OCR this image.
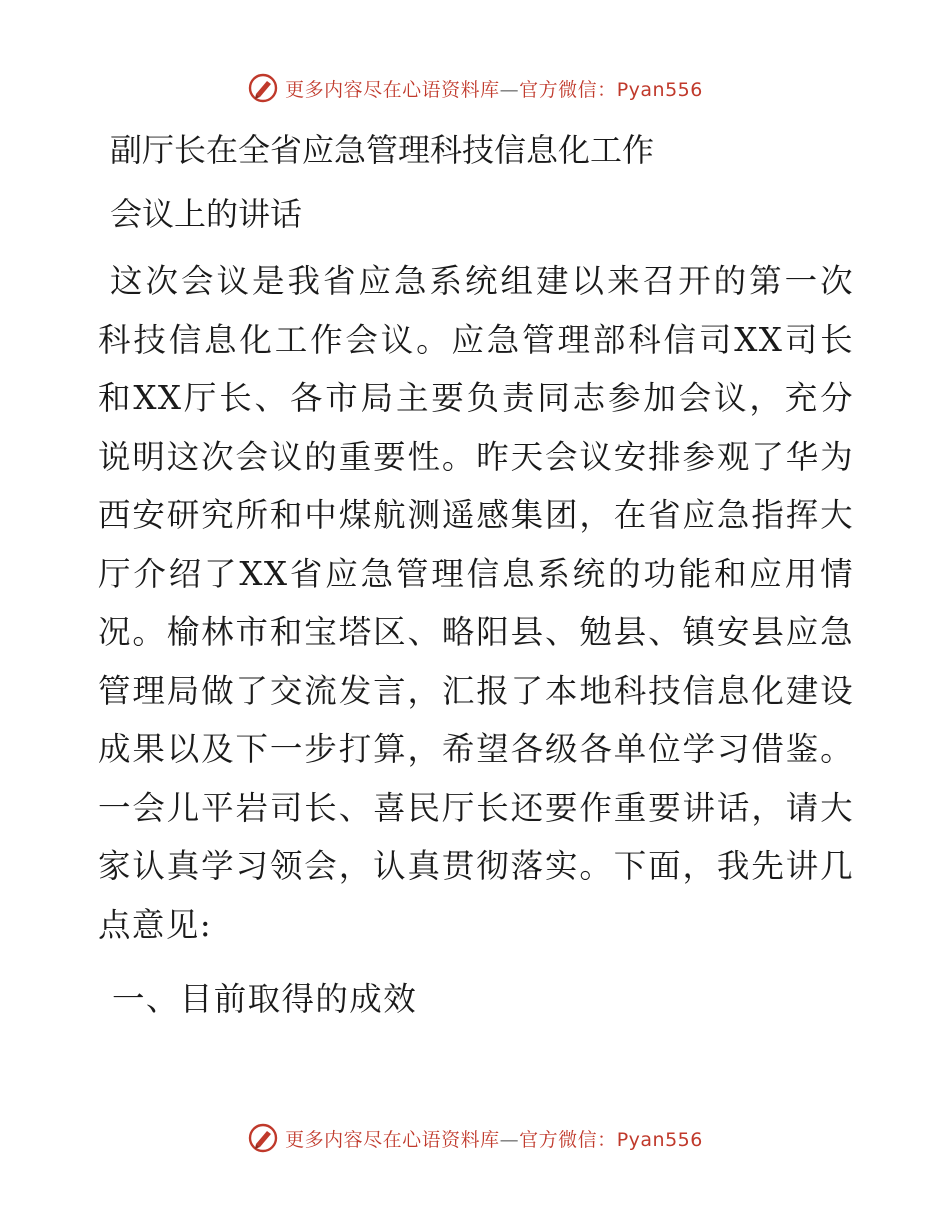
更多内容尽在心语资料库—官方微信：Pyan556
副厅长在全省应急管理科技信息化工作
会议上的讲话

这次会议是我省应急系统组建以来召开的第一次科技信息化工作会议。应急管理部科信司XX司长和XX厅长、各市局主要负责同志参加会议，充分说明这次会议的重要性。昨天会议安排参观了华为西安研究所和中煤航测遥感集团，在省应急指挥大厅介绍了XX省应急管理信息系统的功能和应用情况。榆林市和宝塔区、略阳县、勉县、镇安县应急管理局做了交流发言，汇报了本地科技信息化建设成果以及下一步打算，希望各级各单位学习借鉴。一会儿平岩司长、喜民厅长还要作重要讲话，请大家认真学习领会，认真贯彻落实。下面，我先讲几点意见:

一、目前取得的成效

更多内容尽在心语资料库—官方微信：Pyan556
